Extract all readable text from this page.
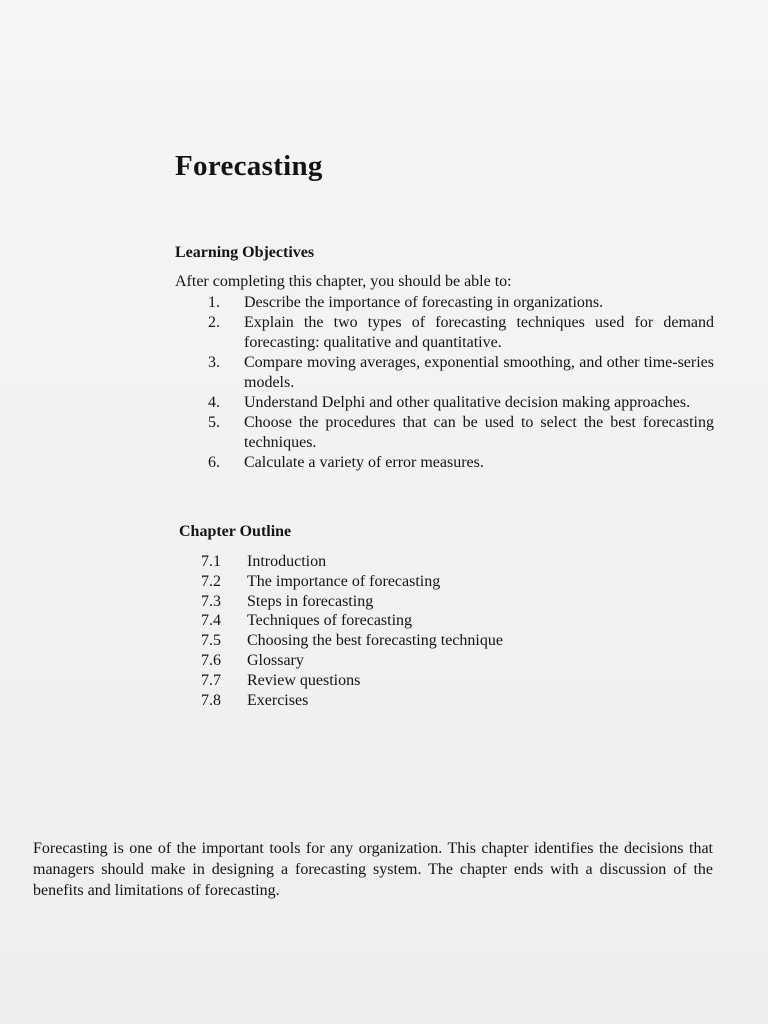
Forecasting
Learning Objectives

After completing this chapter, you should be able to:

1.	Describe the importance of forecasting in organizations.
2.	Explain the two types of forecasting techniques used for demand forecasting: qualitative and quantitative.
3.	Compare moving averages, exponential smoothing, and other time-series models.
4.	Understand Delphi and other qualitative decision making approaches.
5.	Choose the procedures that can be used to select the best forecasting techniques.
6.	Calculate a variety of error measures.
Chapter Outline
7.1	Introduction
7.2	The importance of forecasting
7.3	Steps in forecasting
7.4	Techniques of forecasting
7.5	Choosing the best forecasting technique
7.6	Glossary
7.7	Review questions
7.8	Exercises

Forecasting is one of the important tools for any organization. This chapter identifies the decisions that managers should make in designing a forecasting system. The chapter ends with a discussion of the benefits and limitations of forecasting.
